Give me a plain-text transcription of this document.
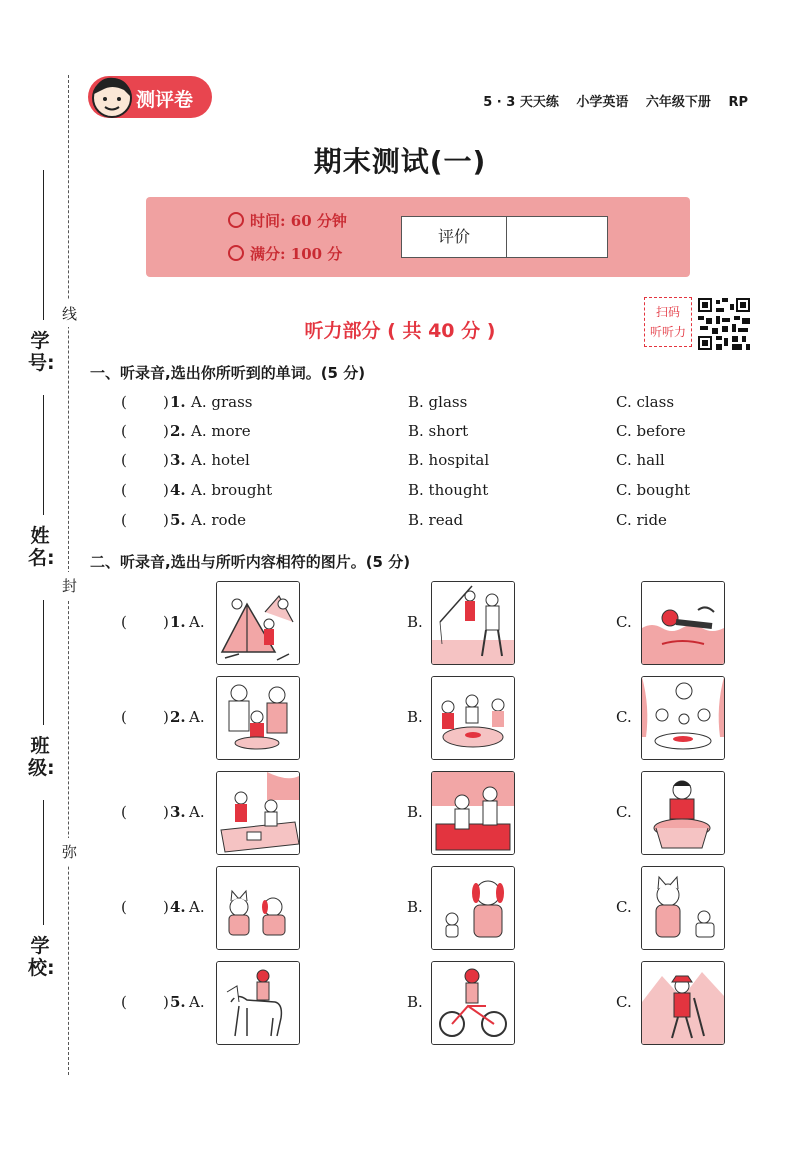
线
封
弥
学号:
姓名:
班级:
学校:
测评卷	5 · 3 天天练 小学英语 六年级下册 RP
期末测试(一)
时间: 60 分钟
满分: 100 分
评价
听力部分 ( 共 40 分 )
扫码
听听力
一、听录音,选出你所听到的单词。(5 分)
( ) 1. A. grass	B. glass	C. class
( ) 2. A. more	B. short	C. before
( ) 3. A. hotel	B. hospital	C. hall
( ) 4. A. brought	B. thought	C. bought
( ) 5. A. rode	B. read	C. ride
二、听录音,选出与所听内容相符的图片。(5 分)
( ) 1. A.	B.	C.
( ) 2. A.	B.	C.
( ) 3. A.	B.	C.
( ) 4. A.	B.	C.
( ) 5. A.	B.	C.
